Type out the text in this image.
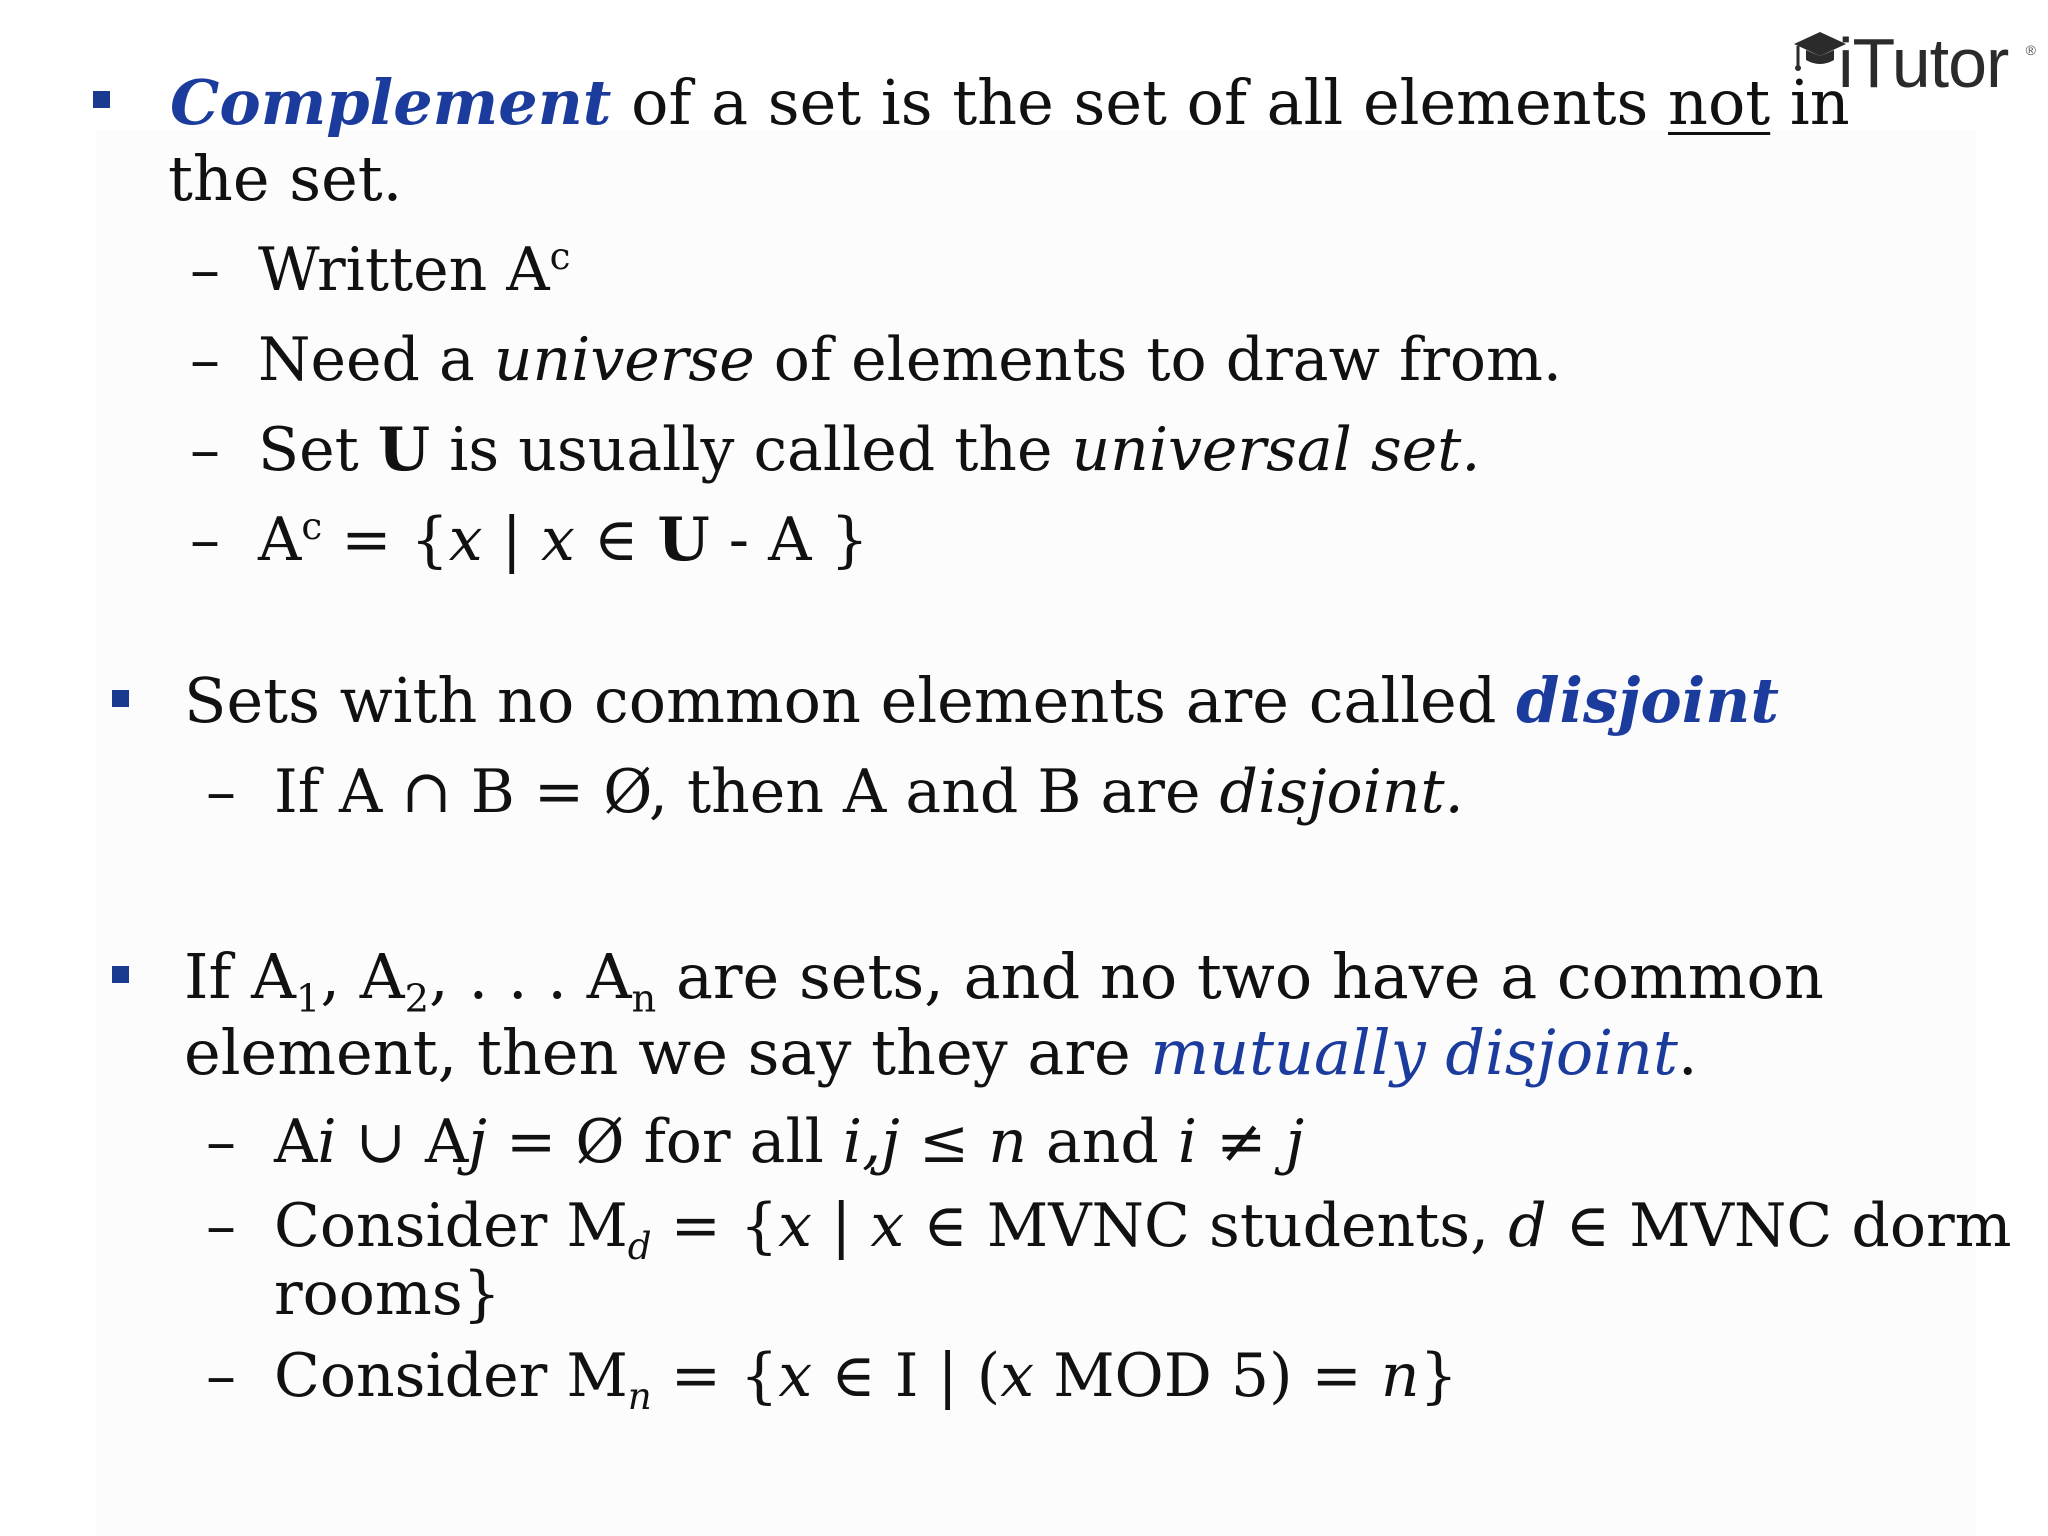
iTutor ®
Complement of a set is the set of all elements not in
the set.
– Written $A^c$
– Need a universe of elements to draw from.
– Set U is usually called the universal set.
– $A^c = \{x$ | x ∈ U - A }
Sets with no common elements are called disjoint
– If A ∩ B = Ø, then A and B are disjoint.
If $A_1$, $A_2$, . . . $A_n$ are sets, and no two have a common
element, then we say they are mutually disjoint.
– Ai ∪ Aj = Ø for all i,j ≤ n and i ≠ j
– Consider $M_d = \{x$ | x ∈ MVNC students, d ∈ MVNC dorm
rooms}
– Consider $M_n = \{x$ ∈ I | (x MOD 5) = n}
